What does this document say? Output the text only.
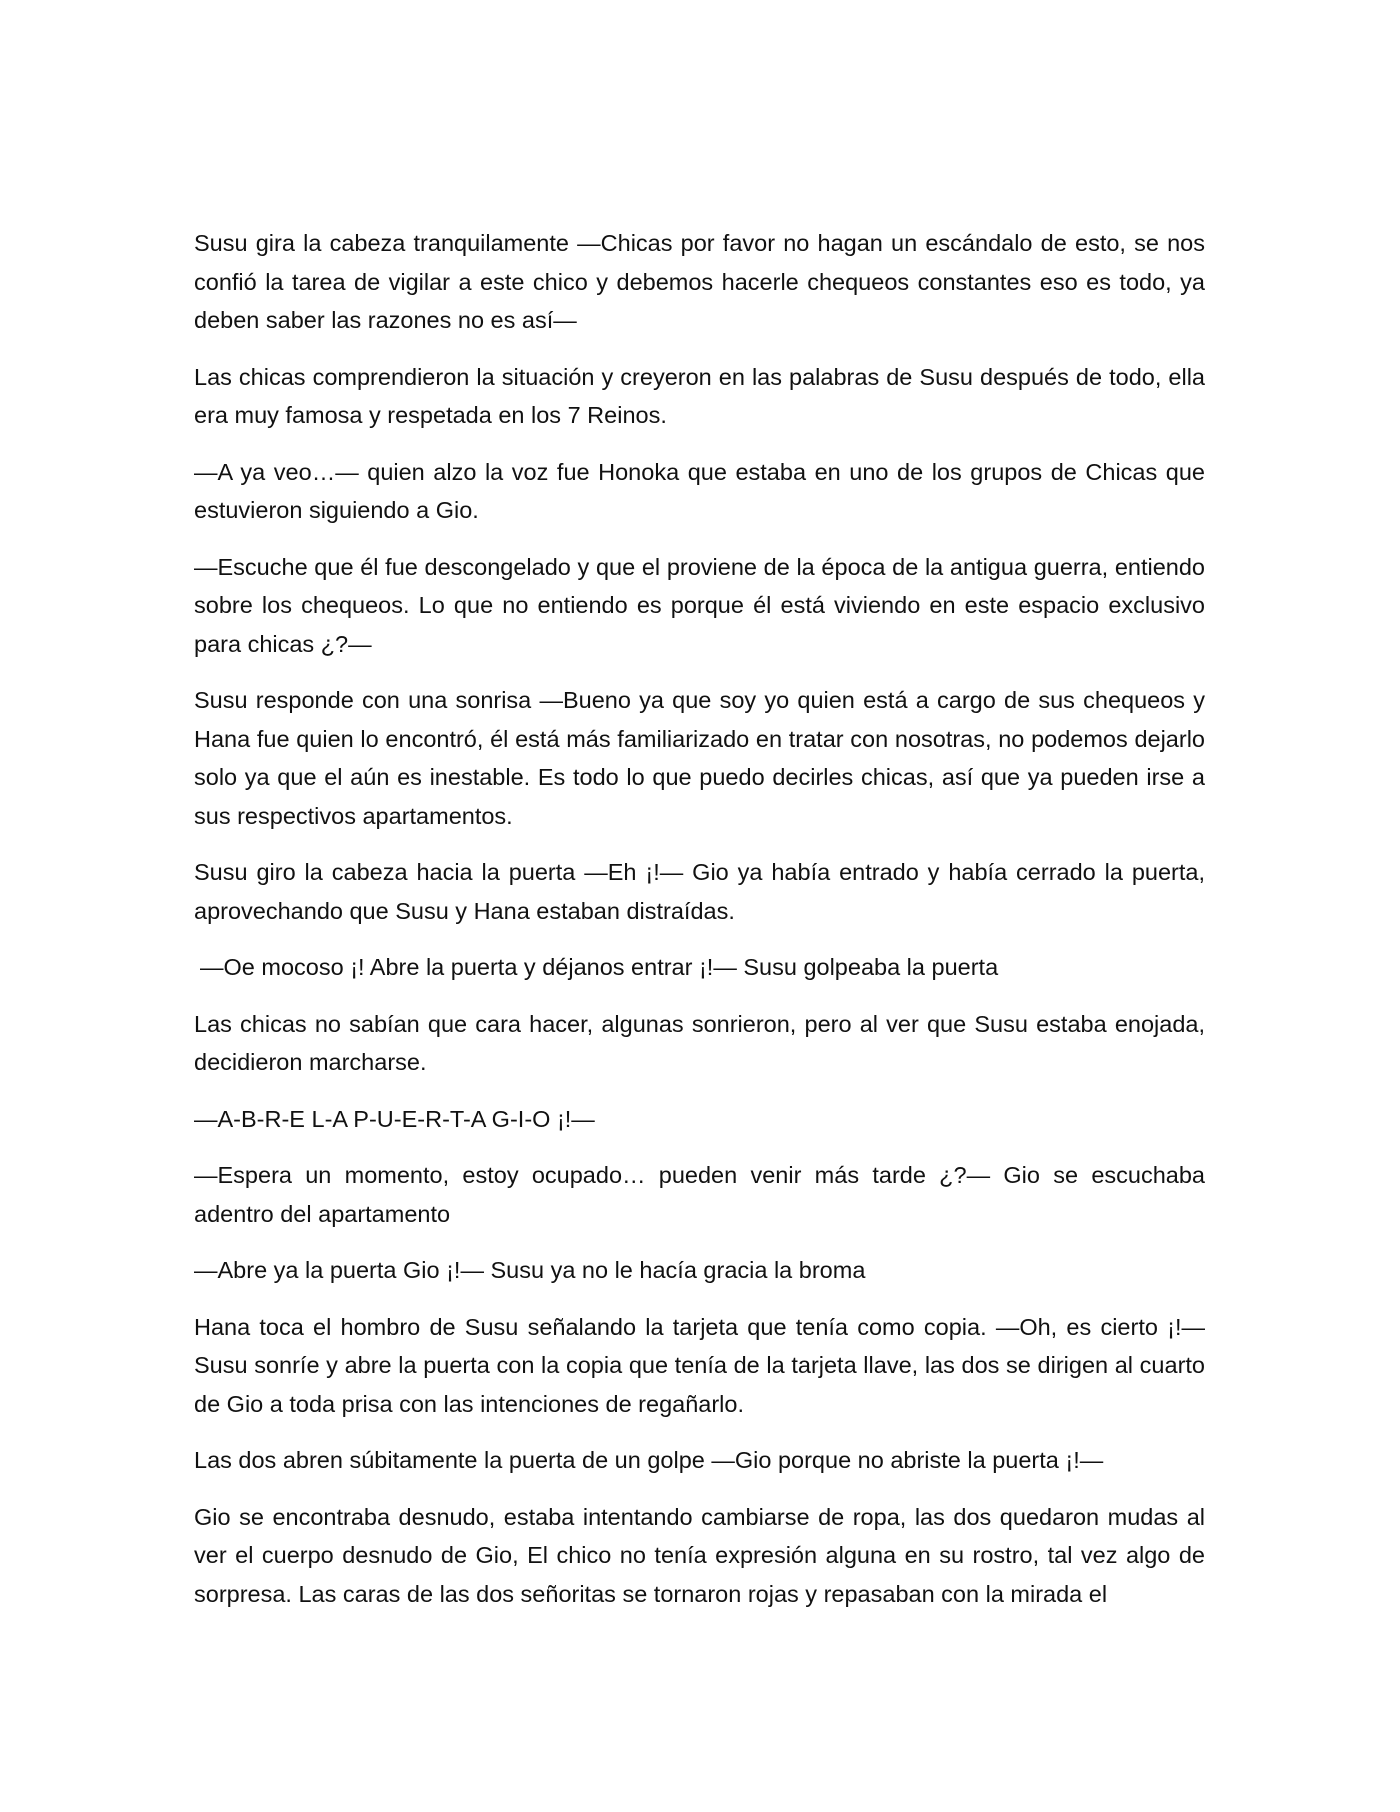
Susu gira la cabeza tranquilamente —Chicas por favor no hagan un escándalo de esto, se nos confió la tarea de vigilar a este chico y debemos hacerle chequeos constantes eso es todo, ya deben saber las razones no es así—

Las chicas comprendieron la situación y creyeron en las palabras de Susu después de todo, ella era muy famosa y respetada en los 7 Reinos.

—A ya veo…— quien alzo la voz fue Honoka que estaba en uno de los grupos de Chicas que estuvieron siguiendo a Gio.

—Escuche que él fue descongelado y que el proviene de la época de la antigua guerra, entiendo sobre los chequeos. Lo que no entiendo es porque él está viviendo en este espacio exclusivo para chicas ¿?—

Susu responde con una sonrisa —Bueno ya que soy yo quien está a cargo de sus chequeos y Hana fue quien lo encontró, él está más familiarizado en tratar con nosotras, no podemos dejarlo solo ya que el aún es inestable. Es todo lo que puedo decirles chicas, así que ya pueden irse a sus respectivos apartamentos.

Susu giro la cabeza hacia la puerta —Eh ¡!— Gio ya había entrado y había cerrado la puerta, aprovechando que Susu y Hana estaban distraídas.

—Oe mocoso ¡! Abre la puerta y déjanos entrar ¡!— Susu golpeaba la puerta

Las chicas no sabían que cara hacer, algunas sonrieron, pero al ver que Susu estaba enojada, decidieron marcharse.

—A-B-R-E L-A P-U-E-R-T-A G-I-O ¡!—

—Espera un momento, estoy ocupado… pueden venir más tarde ¿?— Gio se escuchaba adentro del apartamento

—Abre ya la puerta Gio ¡!— Susu ya no le hacía gracia la broma

Hana toca el hombro de Susu señalando la tarjeta que tenía como copia. —Oh, es cierto ¡!— Susu sonríe y abre la puerta con la copia que tenía de la tarjeta llave, las dos se dirigen al cuarto de Gio a toda prisa con las intenciones de regañarlo.

Las dos abren súbitamente la puerta de un golpe —Gio porque no abriste la puerta ¡!—

Gio se encontraba desnudo, estaba intentando cambiarse de ropa, las dos quedaron mudas al ver el cuerpo desnudo de Gio, El chico no tenía expresión alguna en su rostro, tal vez algo de sorpresa. Las caras de las dos señoritas se tornaron rojas y repasaban con la mirada el
